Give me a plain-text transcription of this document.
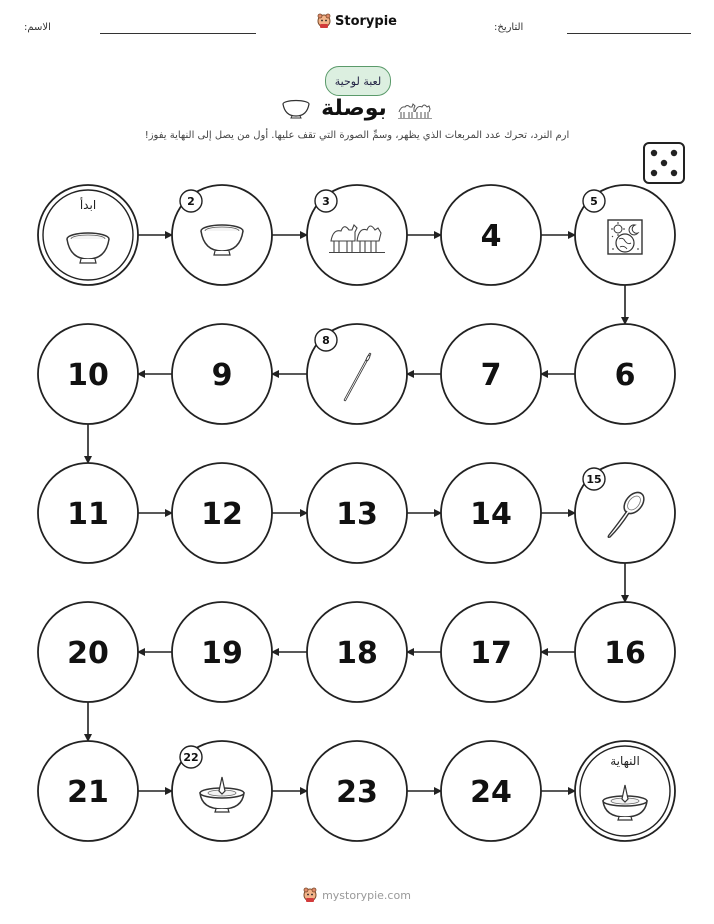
الاسم:	Storypie	التاريخ:
لعبة لوحية
بوصلة
ارم النرد، تحرك عدد المربعات الذي يظهر، وسمِّ الصورة التي تقف عليها. أول من يصل إلى النهاية يفوز!
ابدأ	2	3
4
5
6
7
8
9
10
11	12	13	14
15
16
17
18
19
20
21
22
23	24
النهاية
mystorypie.com
